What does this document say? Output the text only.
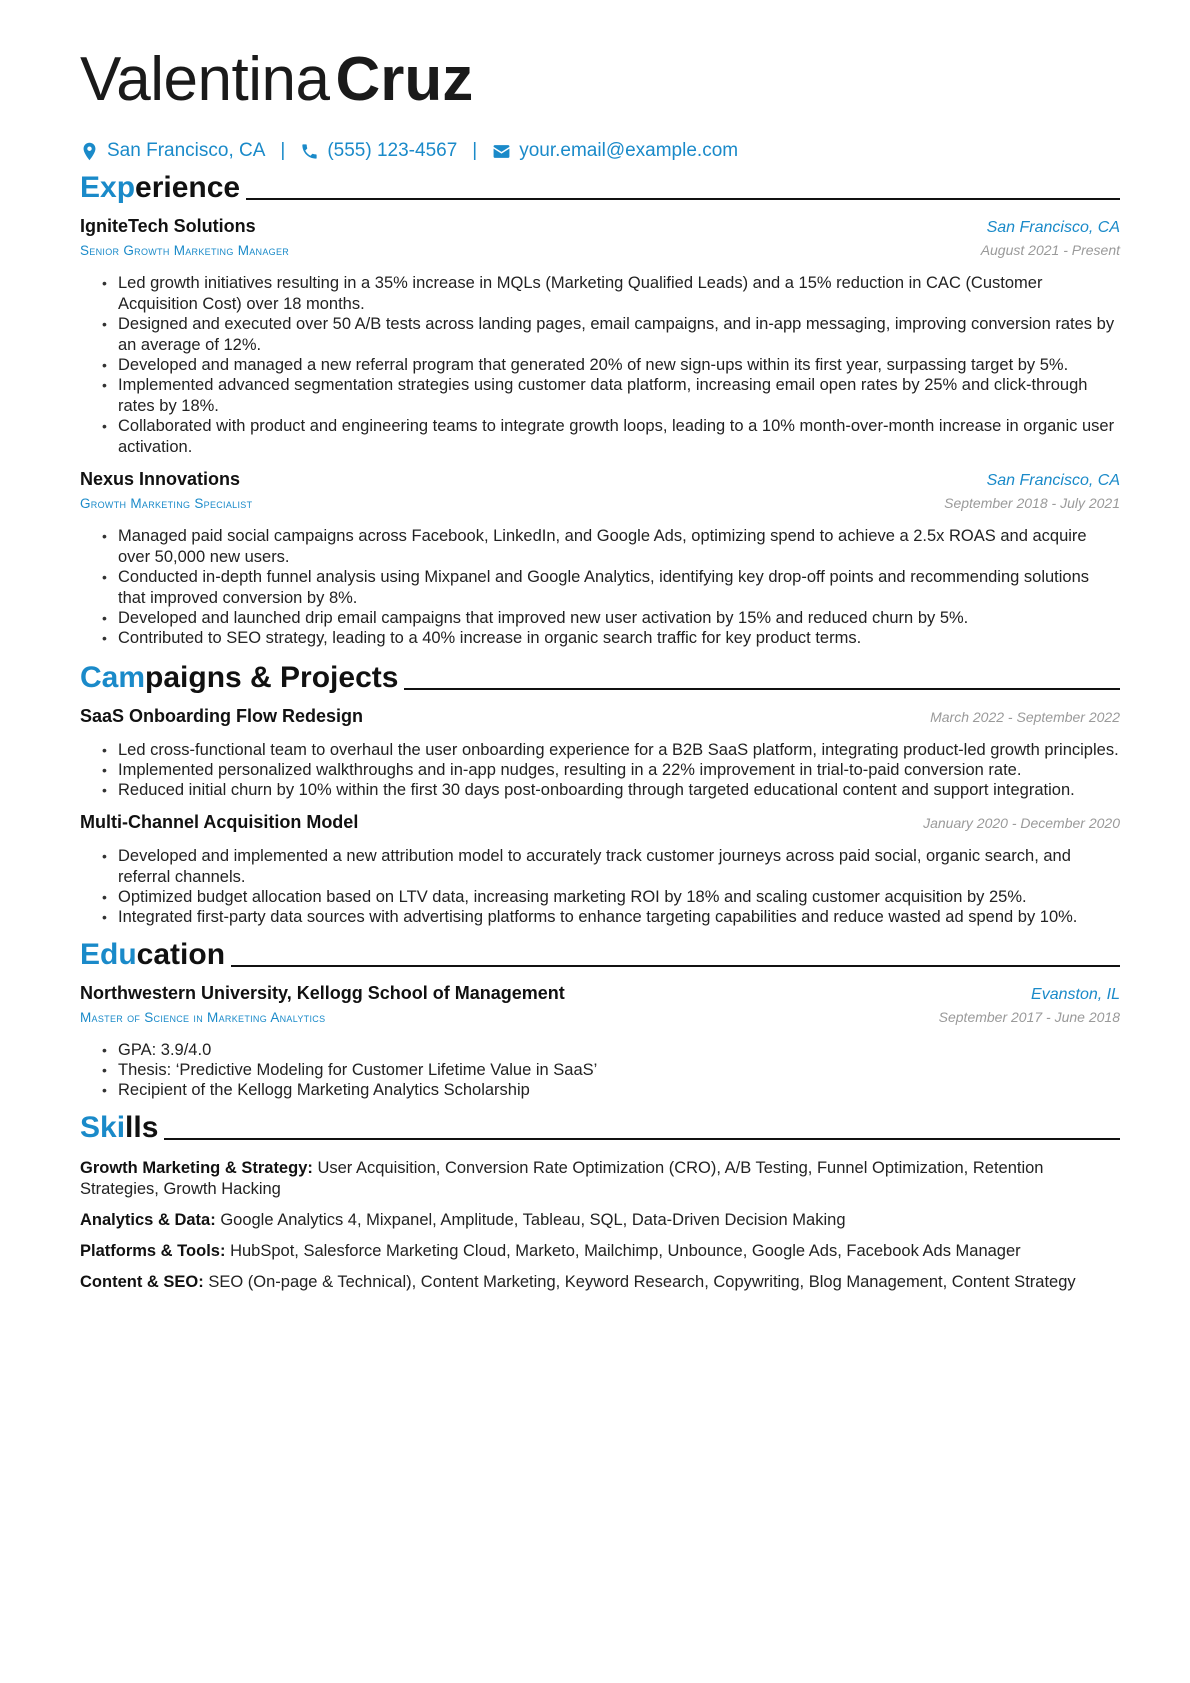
ValentinaCruz
San Francisco, CA | (555) 123-4567 | your.email@example.com
Experience
IgniteTech Solutions	San Francisco, CA
Senior Growth Marketing Manager	August 2021 - Present
• Led growth initiatives resulting in a 35% increase in MQLs (Marketing Qualified Leads) and a 15% reduction in CAC (Customer Acquisition Cost) over 18 months.
• Designed and executed over 50 A/B tests across landing pages, email campaigns, and in-app messaging, improving conversion rates by an average of 12%.
• Developed and managed a new referral program that generated 20% of new sign-ups within its first year, surpassing target by 5%.
• Implemented advanced segmentation strategies using customer data platform, increasing email open rates by 25% and click-through rates by 18%.
• Collaborated with product and engineering teams to integrate growth loops, leading to a 10% month-over-month increase in organic user activation.
Nexus Innovations	San Francisco, CA
Growth Marketing Specialist	September 2018 - July 2021
• Managed paid social campaigns across Facebook, LinkedIn, and Google Ads, optimizing spend to achieve a 2.5x ROAS and acquire over 50,000 new users.
• Conducted in-depth funnel analysis using Mixpanel and Google Analytics, identifying key drop-off points and recommending solutions that improved conversion by 8%.
• Developed and launched drip email campaigns that improved new user activation by 15% and reduced churn by 5%.
• Contributed to SEO strategy, leading to a 40% increase in organic search traffic for key product terms.
Campaigns & Projects
SaaS Onboarding Flow Redesign	March 2022 - September 2022
• Led cross-functional team to overhaul the user onboarding experience for a B2B SaaS platform, integrating product-led growth principles.
• Implemented personalized walkthroughs and in-app nudges, resulting in a 22% improvement in trial-to-paid conversion rate.
• Reduced initial churn by 10% within the first 30 days post-onboarding through targeted educational content and support integration.
Multi-Channel Acquisition Model	January 2020 - December 2020
• Developed and implemented a new attribution model to accurately track customer journeys across paid social, organic search, and referral channels.
• Optimized budget allocation based on LTV data, increasing marketing ROI by 18% and scaling customer acquisition by 25%.
• Integrated first-party data sources with advertising platforms to enhance targeting capabilities and reduce wasted ad spend by 10%.
Education
Northwestern University, Kellogg School of Management	Evanston, IL
Master of Science in Marketing Analytics	September 2017 - June 2018
• GPA: 3.9/4.0
• Thesis: ‘Predictive Modeling for Customer Lifetime Value in SaaS’
• Recipient of the Kellogg Marketing Analytics Scholarship
Skills
Growth Marketing & Strategy: User Acquisition, Conversion Rate Optimization (CRO), A/B Testing, Funnel Optimization, Retention Strategies, Growth Hacking
Analytics & Data: Google Analytics 4, Mixpanel, Amplitude, Tableau, SQL, Data-Driven Decision Making
Platforms & Tools: HubSpot, Salesforce Marketing Cloud, Marketo, Mailchimp, Unbounce, Google Ads, Facebook Ads Manager
Content & SEO: SEO (On-page & Technical), Content Marketing, Keyword Research, Copywriting, Blog Management, Content Strategy
